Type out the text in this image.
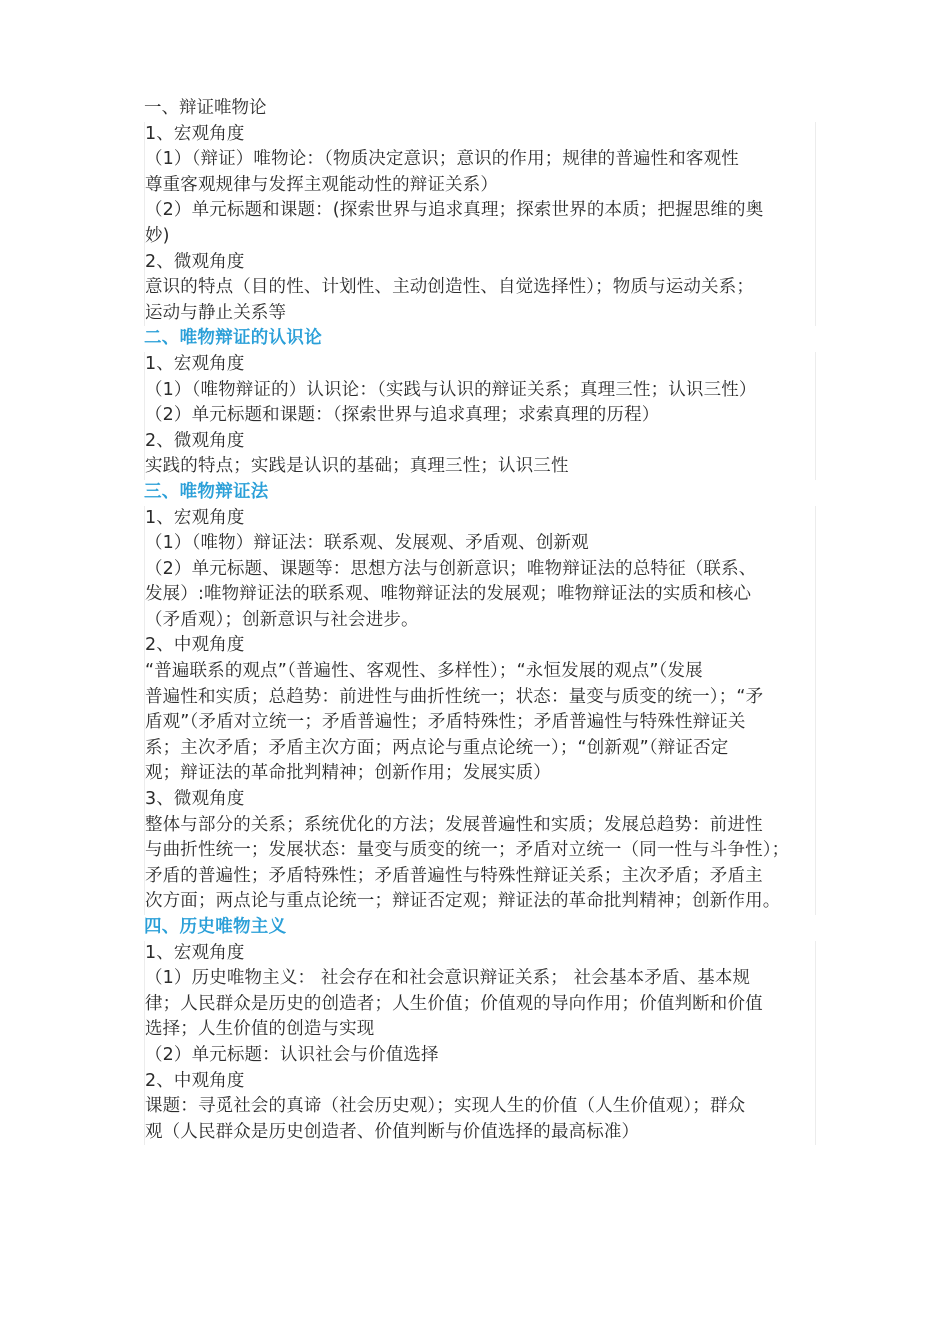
一、辩证唯物论
1、宏观角度
（1）（辩证）唯物论：（物质决定意识；意识的作用；规律的普遍性和客观性
尊重客观规律与发挥主观能动性的辩证关系）
（2）单元标题和课题：(探索世界与追求真理；探索世界的本质；把握思维的奥
妙)
2、微观角度
意识的特点（目的性、计划性、主动创造性、自觉选择性）；物质与运动关系；
运动与静止关系等
二、唯物辩证的认识论
1、宏观角度
（1）（唯物辩证的）认识论：（实践与认识的辩证关系；真理三性；认识三性）
（2）单元标题和课题：（探索世界与追求真理；求索真理的历程）
2、微观角度
实践的特点；实践是认识的基础；真理三性；认识三性
三、唯物辩证法
1、宏观角度
（1）（唯物）辩证法：联系观、发展观、矛盾观、创新观
（2）单元标题、课题等：思想方法与创新意识；唯物辩证法的总特征（联系、
发展）:唯物辩证法的联系观、唯物辩证法的发展观；唯物辩证法的实质和核心
（矛盾观）；创新意识与社会进步。
2、中观角度
“普遍联系的观点”（普遍性、客观性、多样性）；“永恒发展的观点”（发展
普遍性和实质；总趋势：前进性与曲折性统一；状态：量变与质变的统一）；“矛
盾观”（矛盾对立统一；矛盾普遍性；矛盾特殊性；矛盾普遍性与特殊性辩证关
系；主次矛盾；矛盾主次方面；两点论与重点论统一）；“创新观”（辩证否定
观；辩证法的革命批判精神；创新作用；发展实质）
3、微观角度
整体与部分的关系；系统优化的方法；发展普遍性和实质；发展总趋势：前进性
与曲折性统一；发展状态：量变与质变的统一；矛盾对立统一（同一性与斗争性）；
矛盾的普遍性；矛盾特殊性；矛盾普遍性与特殊性辩证关系；主次矛盾；矛盾主
次方面；两点论与重点论统一；辩证否定观；辩证法的革命批判精神；创新作用。
四、历史唯物主义
1、宏观角度
（1）历史唯物主义： 社会存在和社会意识辩证关系； 社会基本矛盾、基本规
律；人民群众是历史的创造者；人生价值；价值观的导向作用；价值判断和价值
选择；人生价值的创造与实现
（2）单元标题：认识社会与价值选择
2、中观角度
课题：寻觅社会的真谛（社会历史观）；实现人生的价值（人生价值观）；群众
观（人民群众是历史创造者、价值判断与价值选择的最高标准）
